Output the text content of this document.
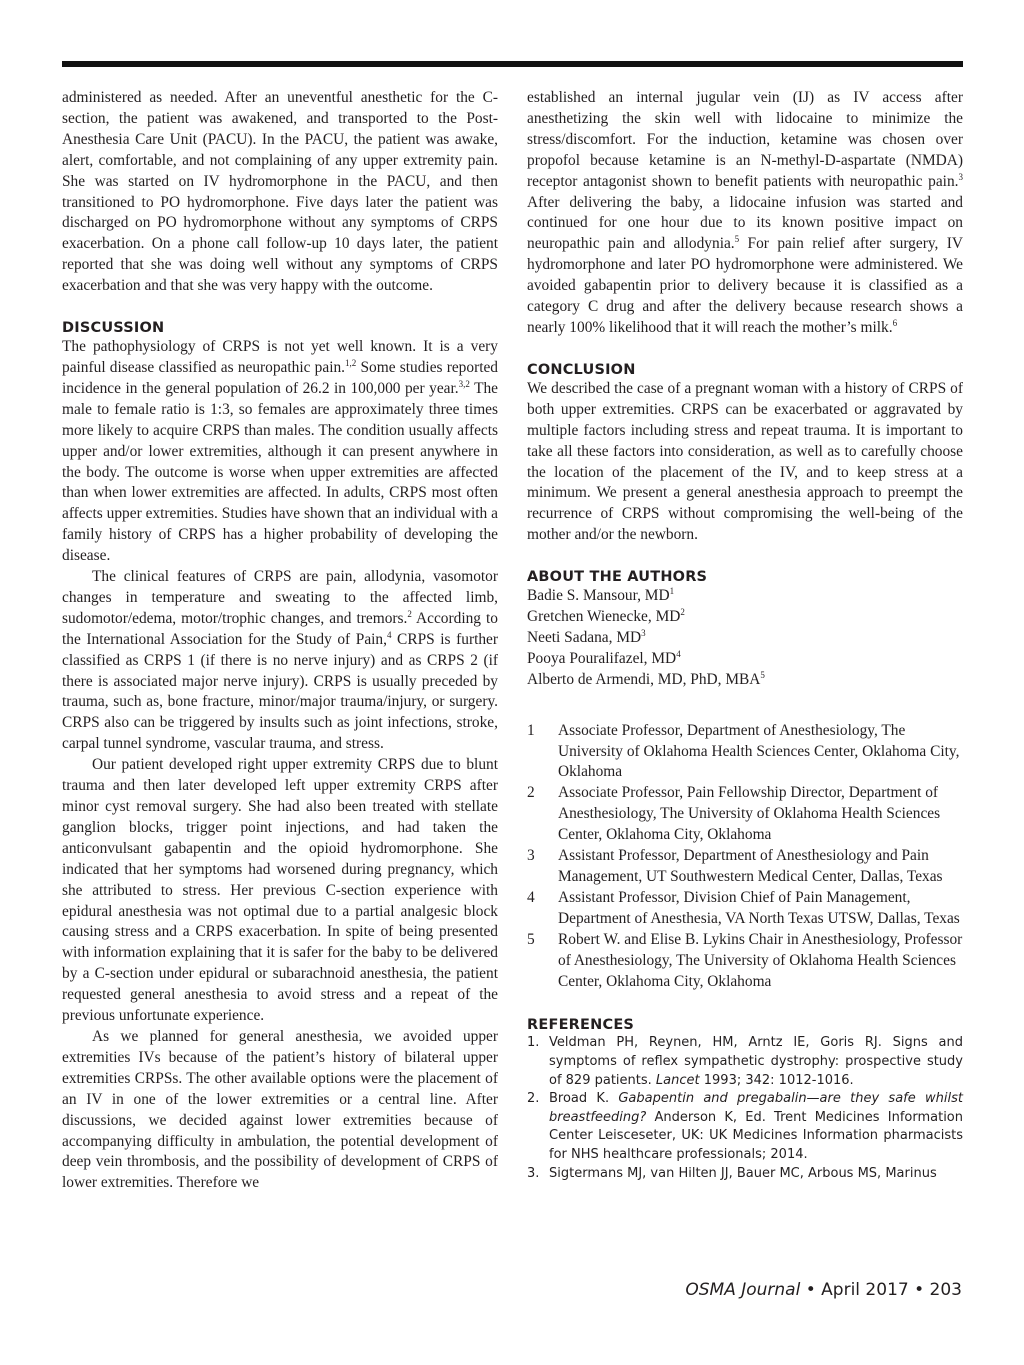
administered as needed. After an uneventful anesthetic for the C-section, the patient was awakened, and transported to the Post-Anesthesia Care Unit (PACU). In the PACU, the patient was awake, alert, comfortable, and not complaining of any upper extremity pain. She was started on IV hydromorphone in the PACU, and then transitioned to PO hydromorphone. Five days later the patient was discharged on PO hydromorphone without any symptoms of CRPS exacerbation. On a phone call follow-up 10 days later, the patient reported that she was doing well without any symptoms of CRPS exacerbation and that she was very happy with the outcome.

DISCUSSION

The pathophysiology of CRPS is not yet well known. It is a very painful disease classified as neuropathic pain.$^{1,2}$ Some studies reported incidence in the general population of 26.2 in 100,000 per year.$^{3,2}$ The male to female ratio is 1:3, so females are approximately three times more likely to acquire CRPS than males. The condition usually affects upper and/or lower extremities, although it can present anywhere in the body. The outcome is worse when upper extremities are affected than when lower extremities are affected. In adults, CRPS most often affects upper extremities. Studies have shown that an individual with a family history of CRPS has a higher probability of developing the disease.

The clinical features of CRPS are pain, allodynia, vasomotor changes in temperature and sweating to the affected limb, sudomotor/edema, motor/trophic changes, and tremors.$^2$ According to the International Association for the Study of Pain,$^4$ CRPS is further classified as CRPS 1 (if there is no nerve injury) and as CRPS 2 (if there is associated major nerve injury). CRPS is usually preceded by trauma, such as, bone fracture, minor/major trauma/injury, or surgery. CRPS also can be triggered by insults such as joint infections, stroke, carpal tunnel syndrome, vascular trauma, and stress.

Our patient developed right upper extremity CRPS due to blunt trauma and then later developed left upper extremity CRPS after minor cyst removal surgery. She had also been treated with stellate ganglion blocks, trigger point injections, and had taken the anticonvulsant gabapentin and the opioid hydromorphone. She indicated that her symptoms had worsened during pregnancy, which she attributed to stress. Her previous C-section experience with epidural anesthesia was not optimal due to a partial analgesic block causing stress and a CRPS exacerbation. In spite of being presented with information explaining that it is safer for the baby to be delivered by a C-section under epidural or subarachnoid anesthesia, the patient requested general anesthesia to avoid stress and a repeat of the previous unfortunate experience.

As we planned for general anesthesia, we avoided upper extremities IVs because of the patient’s history of bilateral upper extremities CRPSs. The other available options were the placement of an IV in one of the lower extremities or a central line. After discussions, we decided against lower extremities because of accompanying difficulty in ambulation, the potential development of deep vein thrombosis, and the possibility of development of CRPS of lower extremities. Therefore we

established an internal jugular vein (IJ) as IV access after anesthetizing the skin well with lidocaine to minimize the stress/discomfort. For the induction, ketamine was chosen over propofol because ketamine is an N-methyl-D-aspartate (NMDA) receptor antagonist shown to benefit patients with neuropathic pain.$^3$ After delivering the baby, a lidocaine infusion was started and continued for one hour due to its known positive impact on neuropathic pain and allodynia.$^5$ For pain relief after surgery, IV hydromorphone and later PO hydromorphone were administered. We avoided gabapentin prior to delivery because it is classified as a category C drug and after the delivery because research shows a nearly 100% likelihood that it will reach the mother’s milk.$^6$

CONCLUSION

We described the case of a pregnant woman with a history of CRPS of both upper extremities. CRPS can be exacerbated or aggravated by multiple factors including stress and repeat trauma. It is important to take all these factors into consideration, as well as to carefully choose the location of the placement of the IV, and to keep stress at a minimum. We present a general anesthesia approach to preempt the recurrence of CRPS without compromising the well-being of the mother and/or the newborn.

ABOUT THE AUTHORS
Badie S. Mansour, $MD^1$
Gretchen Wienecke, $MD^2$
Neeti Sadana, $MD^3$
Pooya Pouralifazel, $MD^4$
Alberto de Armendi, MD, PhD, MBA$^5$
1	Associate Professor, Department of Anesthesiology, The University of Oklahoma Health Sciences Center, Oklahoma City, Oklahoma
2	Associate Professor, Pain Fellowship Director, Department of Anesthesiology, The University of Oklahoma Health Sciences Center, Oklahoma City, Oklahoma
3	Assistant Professor, Department of Anesthesiology and Pain Management, UT Southwestern Medical Center, Dallas, Texas
4	Assistant Professor, Division Chief of Pain Management, Department of Anesthesia, VA North Texas UTSW, Dallas, Texas
5	Robert W. and Elise B. Lykins Chair in Anesthesiology, Professor of Anesthesiology, The University of Oklahoma Health Sciences Center, Oklahoma City, Oklahoma
REFERENCES
1. Veldman PH, Reynen, HM, Arntz IE, Goris RJ. Signs and symptoms of reflex sympathetic dystrophy: prospective study of 829 patients. Lancet 1993; 342: 1012-1016.
2. Broad K. Gabapentin and pregabalin—are they safe whilst breastfeeding? Anderson K, Ed. Trent Medicines Information Center Leisceseter, UK: UK Medicines Information pharmacists for NHS healthcare professionals; 2014.
3. Sigtermans MJ, van Hilten JJ, Bauer MC, Arbous MS, Marinus
OSMA Journal • April 2017 • 203
